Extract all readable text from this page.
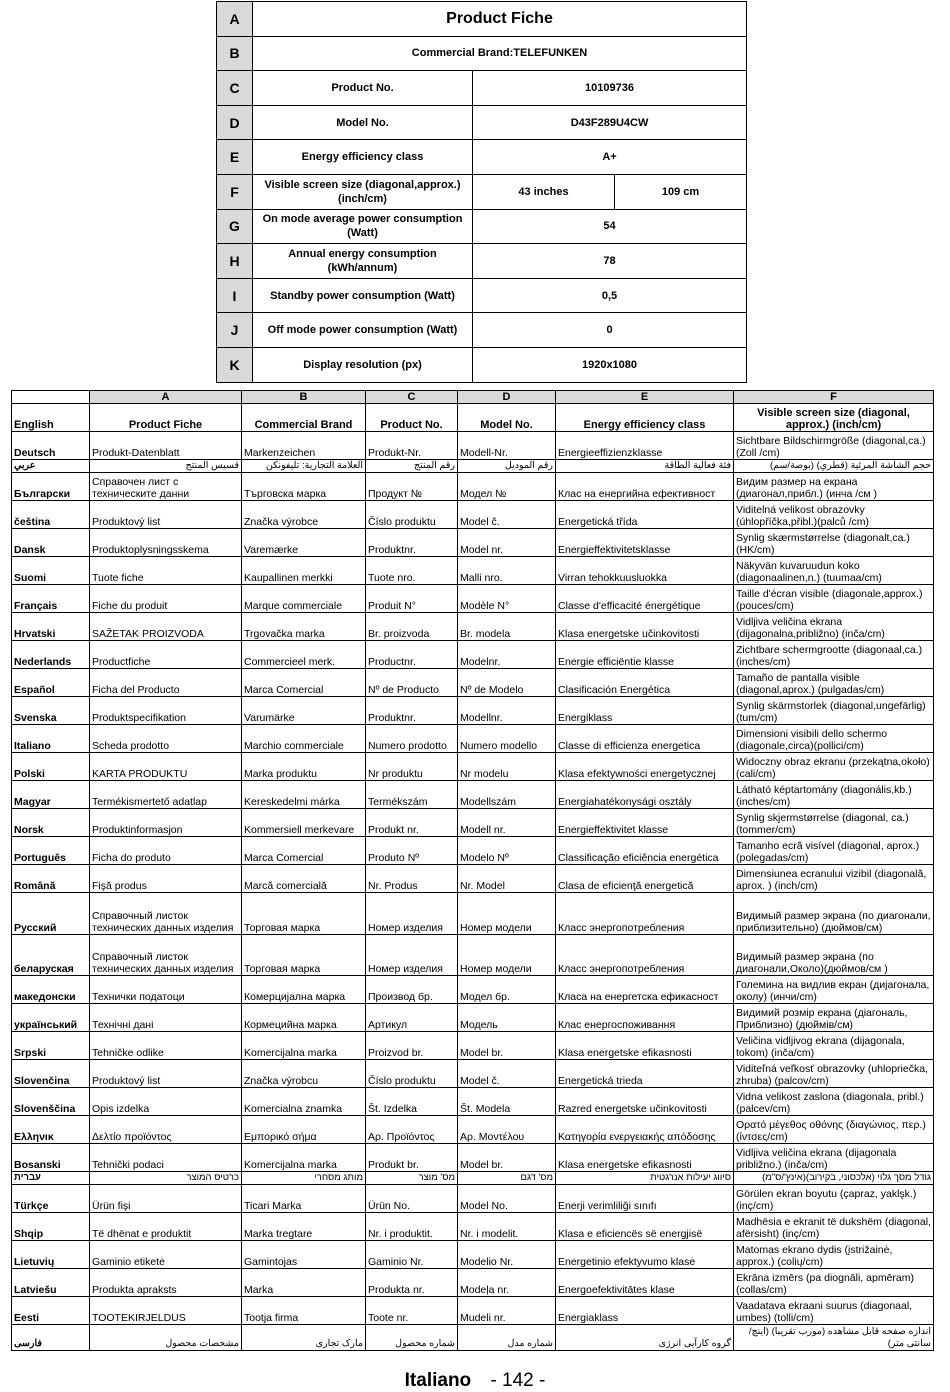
A	Product Fiche		
B	Commercial Brand:TELEFUNKEN		
C	Product No.	10109736	
D	Model No.	D43F289U4CW	
E	Energy efficiency class	A+	
F	Visible screen size (diagonal,approx.) (inch/cm)	43 inches	109 cm
G	On mode average power consumption (Watt)	54	
H	Annual energy consumption (kWh/annum)	78	
I	Standby power consumption (Watt)	0,5	
J	Off mode power consumption (Watt)	0	
K	Display resolution (px)	1920x1080	
	A	B	C	D	E	F
English	Product Fiche	Commercial Brand	Product No.	Model No.	Energy efficiency class	Visible screen size (diagonal, approx.) (inch/cm)
Deutsch	Produkt-Datenblatt	Markenzeichen	Produkt-Nr.	Modell-Nr.	Energieeffizienzklasse	Sichtbare Bildschirmgröße (diagonal,ca.) (Zoll /cm)
عربي	قسيس المنتج	العلامة التجارية: تليفونكن	رقم المنتج	رقم الموديل	فئة فعالية الطاقة	حجم الشاشة المرئية (قطري) (بوصة/سم)
Български	Справочен лист с техническите данни	Търговска марка	Продукт №	Модел №	Клас на енергийна ефективност	Видим размер на екрана (диагонал,прибл.) (инча /см )
čeština	Produktový list	Značka výrobce	Číslo produktu	Model č.	Energetická třída	Viditelná velikost obrazovky (úhlopříčka,přibl.)(palců /cm)
Dansk	Produktoplysningsskema	Varemærke	Produktnr.	Model nr.	Energieffektivitetsklasse	Synlig skærmstørrelse (diagonalt,ca.) (HK/cm)
Suomi	Tuote fiche	Kaupallinen merkki	Tuote nro.	Malli nro.	Virran tehokkuusluokka	Näkyvän kuvaruudun koko (diagonaalinen,n.) (tuumaa/cm)
Français	Fiche du produit	Marque commerciale	Produit N°	Modèle N°	Classe d'efficacité énergétique	Taille d'écran visible (diagonale,approx.) (pouces/cm)
Hrvatski	SAŽETAK PROIZVODA	Trgovačka marka	Br. proizvoda	Br. modela	Klasa energetske učinkovitosti	Vidljiva veličina ekrana (dijagonalna,približno) (inča/cm)
Nederlands	Productfiche	Commercieel merk.	Productnr.	Modelnr.	Energie efficiëntie klasse	Zichtbare schermgrootte (diagonaal,ca.) (inches/cm)
Español	Ficha del Producto	Marca Comercial	Nº de Producto	Nº de Modelo	Clasificación Energética	Tamaño de pantalla visible (diagonal,aprox.) (pulgadas/cm)
Svenska	Produktspecifikation	Varumärke	Produktnr.	Modellnr.	Energiklass	Synlig skärmstorlek (diagonal,ungefärlig) (tum/cm)
Italiano	Scheda prodotto	Marchio commerciale	Numero prodotto	Numero modello	Classe di efficienza energetica	Dimensioni visibili dello schermo (diagonale,circa)(pollici/cm)
Polski	KARTA PRODUKTU	Marka produktu	Nr produktu	Nr modelu	Klasa efektywności energetycznej	Widoczny obraz ekranu (przekątna,około)(cali/cm)
Magyar	Termékismertető adatlap	Kereskedelmi márka	Termékszám	Modellszám	Energiahatékonysági osztály	Látható képtartomány (diagonális,kb.) (inches/cm)
Norsk	Produktinformasjon	Kommersiell merkevare	Produkt nr.	Modell nr.	Energieffektivitet klasse	Synlig skjermstørrelse (diagonal, ca.) (tommer/cm)
Português	Ficha do produto	Marca Comercial	Produto Nº	Modelo Nº	Classificação eficiência energética	Tamanho ecrã visível (diagonal, aprox.) (polegadas/cm)
Română	Fişă produs	Marcă comercială	Nr. Produs	Nr. Model	Clasa de eficienţă energetică	Dimensiunea ecranului vizibil (diagonală, aprox. ) (inch/cm)
Русский	Справочный листок технических данных изделия	Торговая марка	Номер изделия	Номер модели	Класс энергопотребления	Видимый размер экрана (по диагонали, приблизительно) (дюймов/см)
беларуская	Справочный листок технических данных изделия	Торговая марка	Номер изделия	Номер модели	Класс энергопотребления	Видимый размер экрана (по диагонали,Около)(дюймов/см )
македонски	Технички податоци	Комерцијална марка	Производ бр.	Модел бр.	Класа на енергетска ефикасност	Големина на видлив екран (дијагонала, околу) (инчи/cm)
український	Технічні дані	Кормецийна марка	Артикул	Модель	Клас енергоспоживання	Видимий розмір екрана (діагональ, Приблизно) (дюймів/см)
Srpski	Tehničke odlike	Komercijalna marka	Proizvod br.	Model br.	Klasa energetske efikasnosti	Veličina vidljivog ekrana (dijagonala, tokom) (inča/cm)
Slovenčina	Produktový list	Značka výrobcu	Číslo produktu	Model č.	Energetická trieda	Viditeľná veľkosť obrazovky (uhlopriečka, zhruba) (palcov/cm)
Slovenščina	Opis izdelka	Komercialna znamka	Št. Izdelka	Št. Modela	Razred energetske učinkovitosti	Vidna velikost zaslona (diagonala, pribl.) (palcev/cm)
Ελληνικ	Δελτίο προϊόντος	Εμπορικό σήμα	Αρ. Προϊόντος	Αρ. Μοντέλου	Κατηγορία ενεργειακής απόδοσης	Ορατό μέγεθος οθόνης (διαγώνιος, περ.) (ίντσες/cm)
Bosanski	Tehnički podaci	Komercijalna marka	Produkt br.	Model br.	Klasa energetske efikasnosti	Vidljiva veličina ekrana (dijagonala približno.) (inča/cm)
עברית	כרטיס המוצר	מותג מסחרי	מס' מוצר	מס' דגם	סיווג יעילות אנרגטית	גודל מסך גלוי (אלכסוני, בקירוב)(אינץ'/ס"מ)
Türkçe	Ürün fişi	Ticari Marka	Ürün No.	Model No.	Enerji verimliliği sınıfı	Görülen ekran boyutu (çapraz, yaklşk.) (inç/cm)
Shqip	Të dhënat e produktit	Marka tregtare	Nr. i produktit.	Nr. i modelit.	Klasa e eficiencës së energjisë	Madhësia e ekranit të dukshëm (diagonal, afërsisht) (inç/cm)
Lietuvių	Gaminio etiketė	Gamintojas	Gaminio Nr.	Modelio Nr.	Energetinio efektyvumo klasė	Matomas ekrano dydis (įstrižainė, approx.) (colių/cm)
Latviešu	Produkta apraksts	Marka	Produkta nr.	Modeļa nr.	Energoefektivitātes klase	Ekrāna izmērs (pa diognāli, apmēram) (collas/cm)
Eesti	TOOTEKIRJELDUS	Tootja firma	Toote nr.	Mudeli nr.	Energiaklass	Vaadatava ekraani suurus (diagonaal, umbes) (tolli/cm)
فارسی	مشخصات محصول	مارک تجاری	شماره محصول	شماره مدل	گروه کارآیی انرژی	اندازه صفحه قابل مشاهده (مورب تقریبا) (اینچ/سانتی متر)
Italiano - 142 -
